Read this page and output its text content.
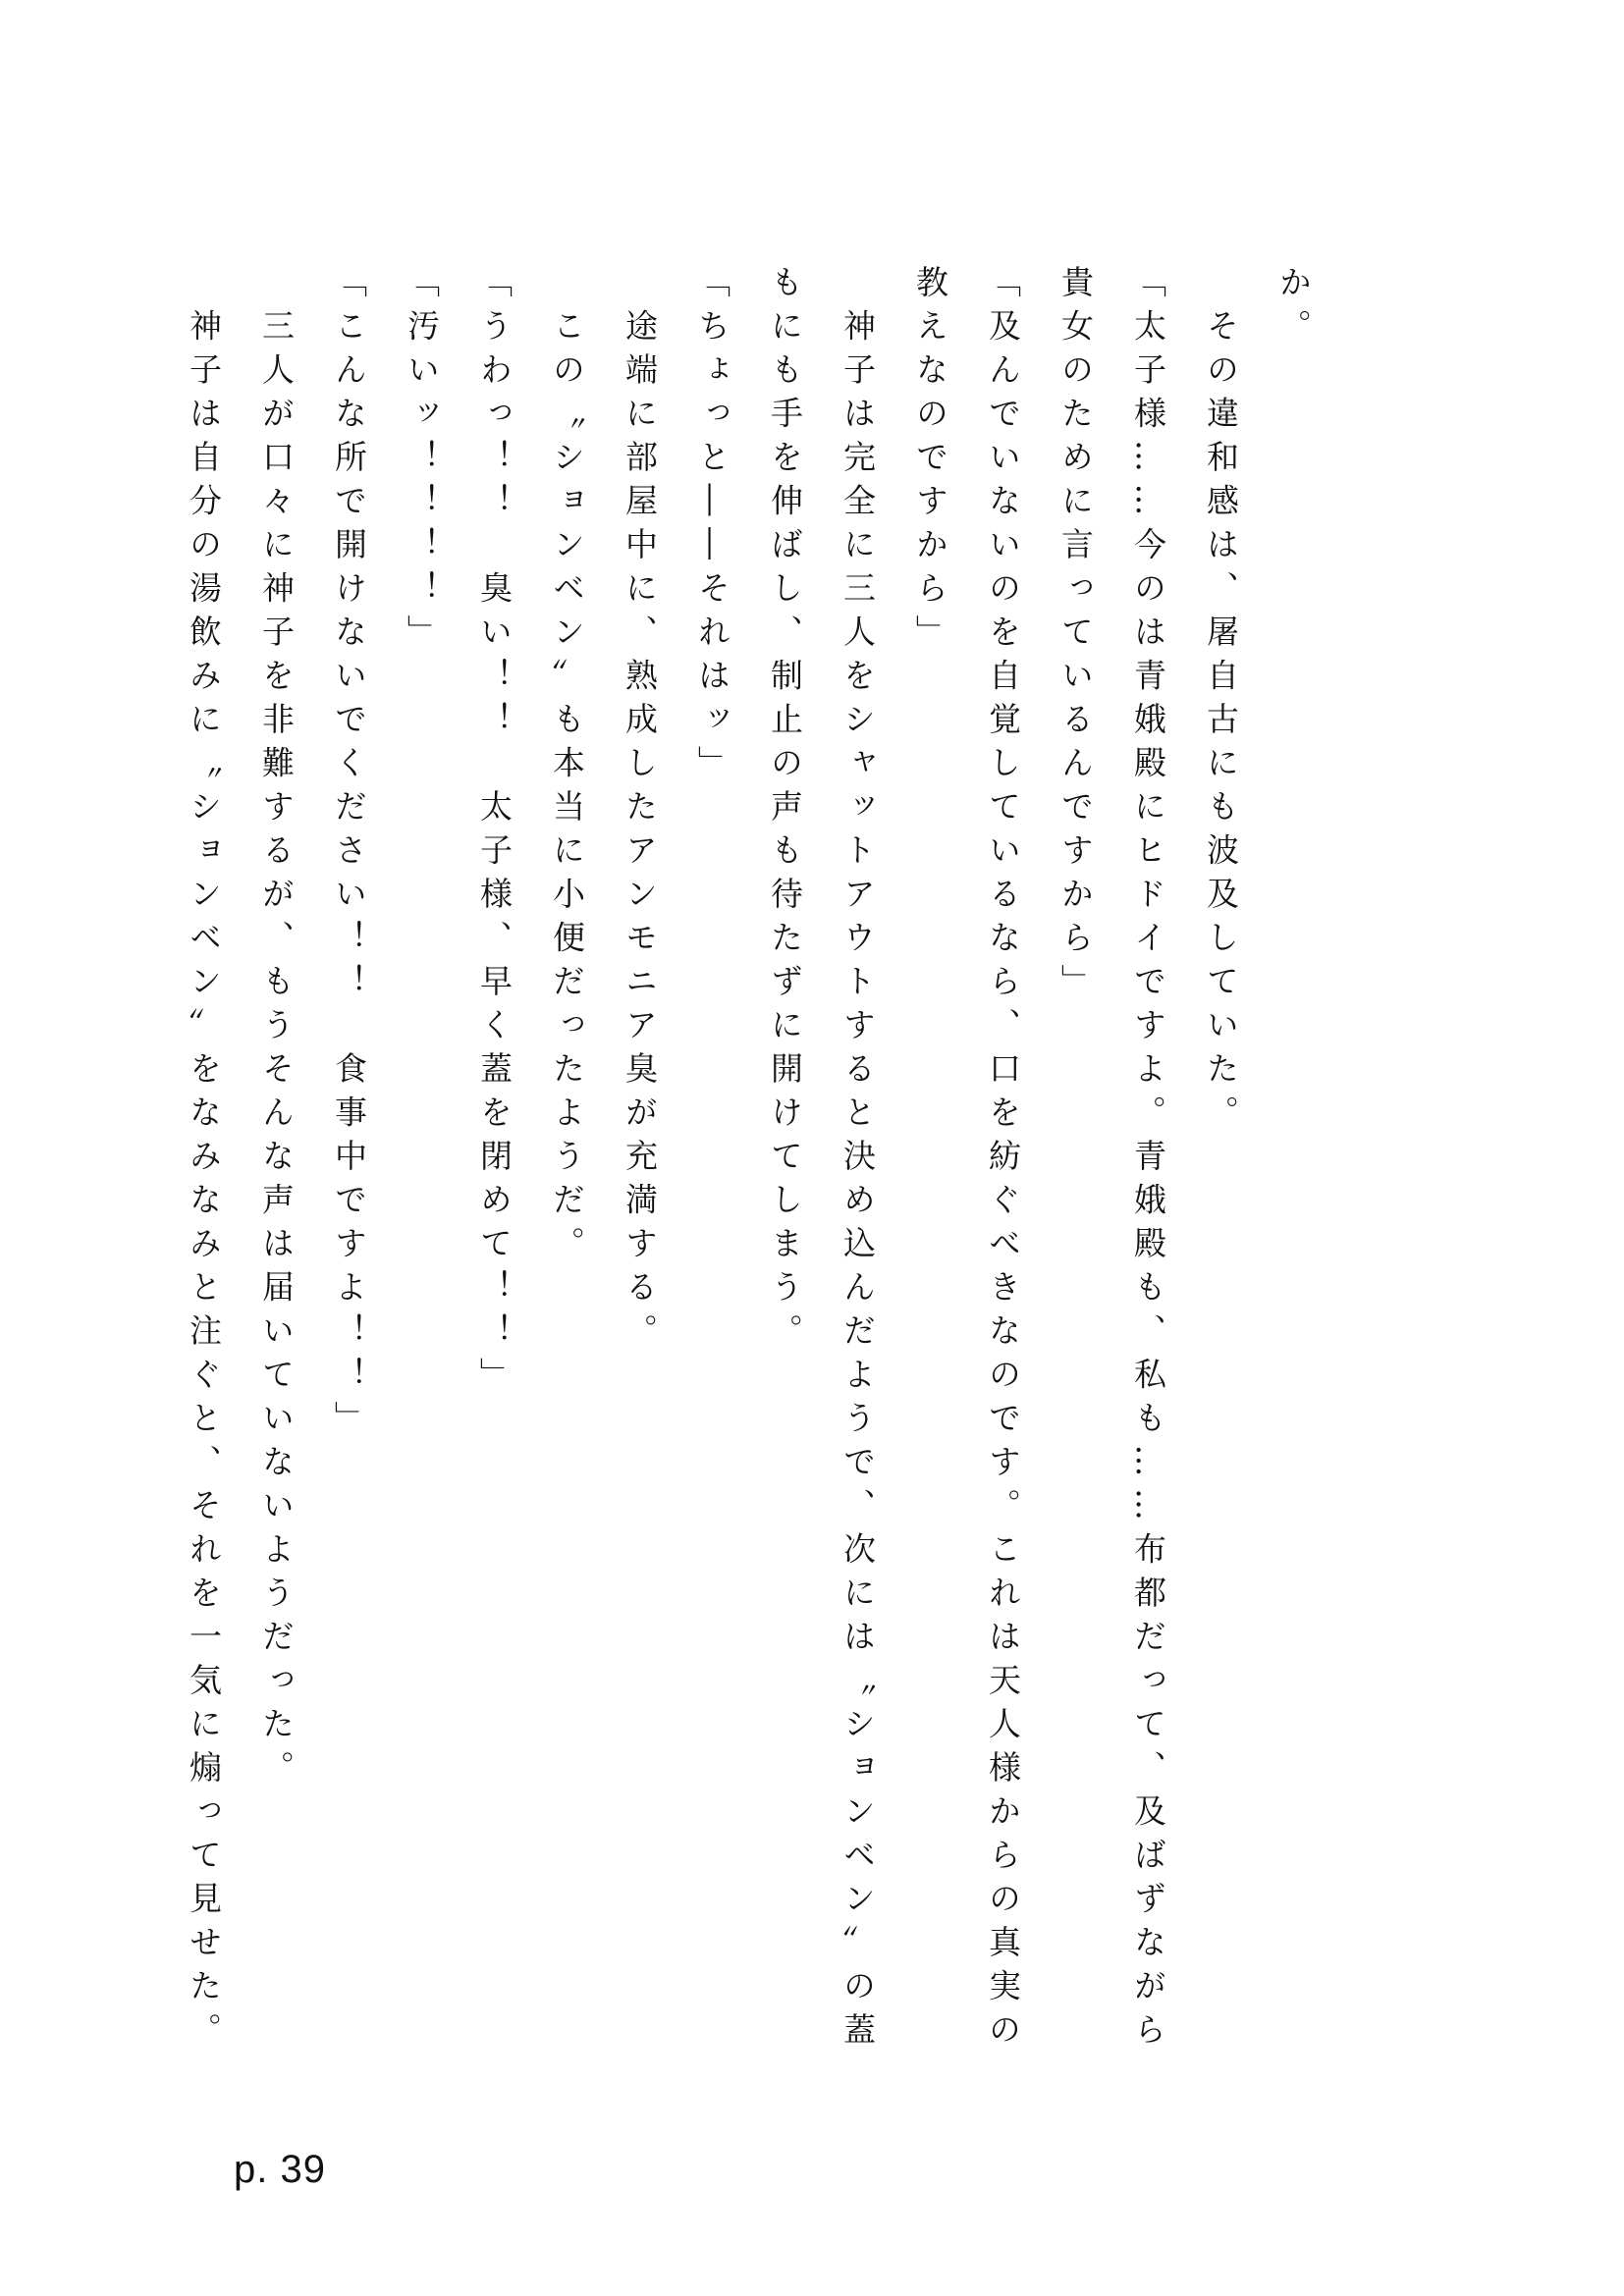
か。

　その違和感は、屠自古にも波及していた。

「太子様……今のは青娥殿にヒドイですよ。青娥殿も、私も……布都だって、及ばずながら

貴女のために言っているんですから」

「及んでいないのを自覚しているなら、口を紡ぐべきなのです。これは天人様からの真実の

教えなのですから」

　神子は完全に三人をシャットアウトすると決め込んだようで、次には〝ションベン〟の蓋

もにも手を伸ばし、制止の声も待たずに開けてしまう。

「ちょっと――それはッ」

　途端に部屋中に、熟成したアンモニア臭が充満する。

　この〝ションベン〟も本当に小便だったようだ。

「うわっ！！　臭い！！　太子様、早く蓋を閉めて！！」

「汚いッ！！！！」

「こんな所で開けないでください！！　食事中ですよ！！」

　三人が口々に神子を非難するが、もうそんな声は届いていないようだった。

　神子は自分の湯飲みに〝ションベン〟をなみなみと注ぐと、それを一気に煽って見せた。

p. 39
